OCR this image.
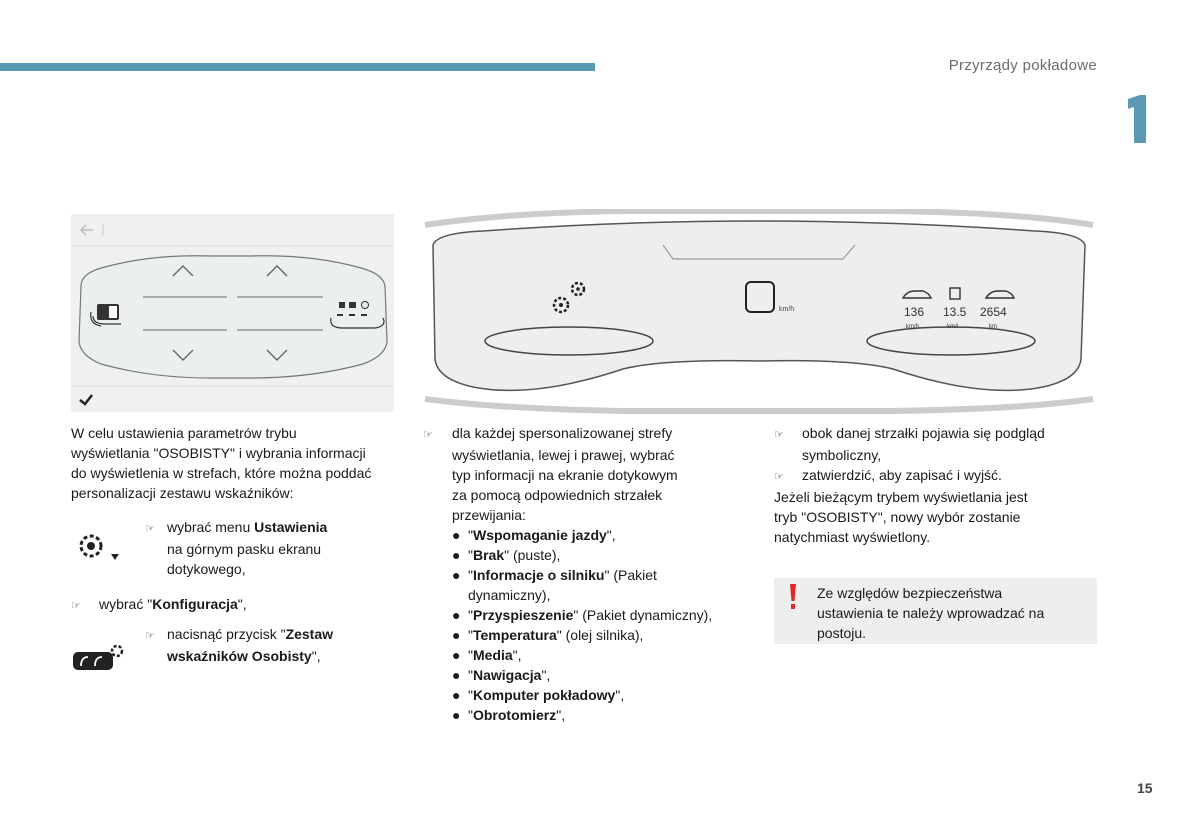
Przyrządy pokładowe
km/h	136 13.5 2654
km/h	km/l	km
W celu ustawienia parametrów trybu
wyświetlania "OSOBISTY" i wybrania informacji
do wyświetlenia w strefach, które można poddać
personalizacji zestawu wskaźników:
☞ wybrać menu Ustawienia
na górnym pasku ekranu
dotykowego,
☞ wybrać "Konfiguracja",
☞ nacisnąć przycisk "Zestaw
wskaźników Osobisty",
☞ dla każdej spersonalizowanej strefy
wyświetlania, lewej i prawej, wybrać
typ informacji na ekranie dotykowym
za pomocą odpowiednich strzałek
przewijania:
● "Wspomaganie jazdy",
● "Brak" (puste),
● "Informacje o silniku" (Pakiet
dynamiczny),
● "Przyspieszenie" (Pakiet dynamiczny),
● "Temperatura" (olej silnika),
● "Media",
● "Nawigacja",
● "Komputer pokładowy",
● "Obrotomierz",
☞ obok danej strzałki pojawia się podgląd
symboliczny,
☞ zatwierdzić, aby zapisać i wyjść.
Jeżeli bieżącym trybem wyświetlania jest
tryb "OSOBISTY", nowy wybór zostanie
natychmiast wyświetlony.
Ze względów bezpieczeństwa
ustawienia te należy wprowadzać na
postoju.
15
